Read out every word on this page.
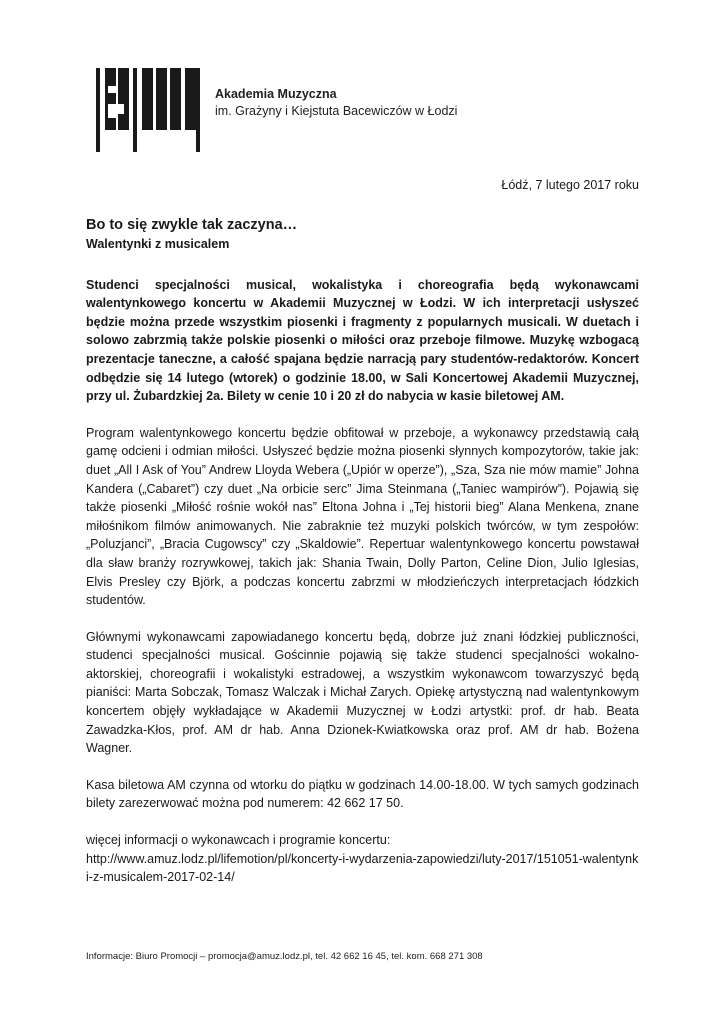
Akademia Muzyczna
im. Grażyny i Kiejstuta Bacewiczów w Łodzi
Łódź, 7 lutego 2017 roku
Bo to się zwykle tak zaczyna…
Walentynki z musicalem

Studenci specjalności musical, wokalistyka i choreografia będą wykonawcami walentynkowego koncertu w Akademii Muzycznej w Łodzi. W ich interpretacji usłyszeć będzie można przede wszystkim piosenki i fragmenty z popularnych musicali. W duetach i solowo zabrzmią także polskie piosenki o miłości oraz przeboje filmowe. Muzykę wzbogacą prezentacje taneczne, a całość spajana będzie narracją pary studentów-redaktorów. Koncert odbędzie się 14 lutego (wtorek) o godzinie 18.00, w Sali Koncertowej Akademii Muzycznej, przy ul. Żubardzkiej 2a. Bilety w cenie 10 i 20 zł do nabycia w kasie biletowej AM.

Program walentynkowego koncertu będzie obfitował w przeboje, a wykonawcy przedstawią całą gamę odcieni i odmian miłości. Usłyszeć będzie można piosenki słynnych kompozytorów, takie jak: duet „All I Ask of You” Andrew Lloyda Webera („Upiór w operze”), „Sza, Sza nie mów mamie” Johna Kandera („Cabaret”) czy duet „Na orbicie serc” Jima Steinmana („Taniec wampirów”). Pojawią się także piosenki „Miłość rośnie wokół nas” Eltona Johna i „Tej historii bieg” Alana Menkena, znane miłośnikom filmów animowanych. Nie zabraknie też muzyki polskich twórców, w tym zespołów: „Poluzjanci”, „Bracia Cugowscy” czy „Skaldowie”. Repertuar walentynkowego koncertu powstawał dla sław branży rozrywkowej, takich jak: Shania Twain, Dolly Parton, Celine Dion, Julio Iglesias, Elvis Presley czy Björk, a podczas koncertu zabrzmi w młodzieńczych interpretacjach łódzkich studentów.

Głównymi wykonawcami zapowiadanego koncertu będą, dobrze już znani łódzkiej publiczności, studenci specjalności musical. Gościnnie pojawią się także studenci specjalności wokalno-aktorskiej, choreografii i wokalistyki estradowej, a wszystkim wykonawcom towarzyszyć będą pianiści: Marta Sobczak, Tomasz Walczak i Michał Zarych. Opiekę artystyczną nad walentynkowym koncertem objęły wykładające w Akademii Muzycznej w Łodzi artystki: prof. dr hab. Beata Zawadzka-Kłos, prof. AM dr hab. Anna Dzionek-Kwiatkowska oraz prof. AM dr hab. Bożena Wagner.

Kasa biletowa AM czynna od wtorku do piątku w godzinach 14.00-18.00. W tych samych godzinach bilety zarezerwować można pod numerem: 42 662 17 50.

więcej informacji o wykonawcach i programie koncertu:

http://www.amuz.lodz.pl/lifemotion/pl/koncerty-i-wydarzenia-zapowiedzi/luty-2017/151051-walentynki-z-musicalem-2017-02-14/

Informacje: Biuro Promocji – promocja@amuz.lodz.pl, tel. 42 662 16 45, tel. kom. 668 271 308
